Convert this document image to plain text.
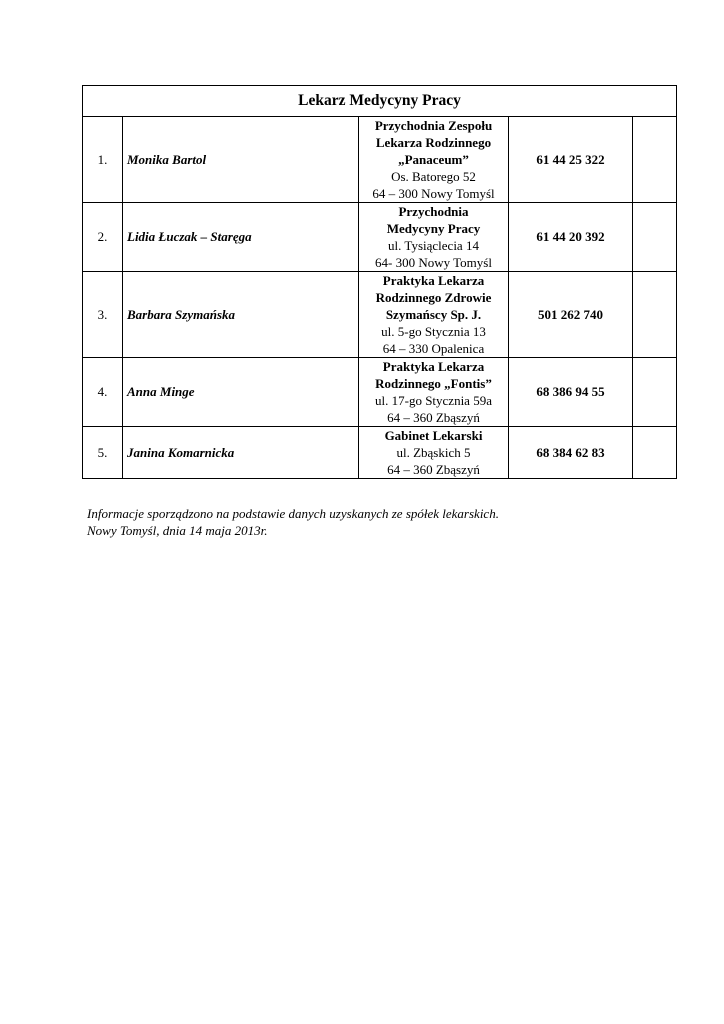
Lekarz Medycyny Pracy				
1.	Monika Bartol	Przychodnia Zespołu
Lekarza Rodzinnego
„Panaceum”
Os. Batorego 52
64 – 300 Nowy Tomyśl	61 44 25 322	
2.	Lidia Łuczak – Staręga	Przychodnia
Medycyny Pracy
ul. Tysiąclecia 14
64- 300 Nowy Tomyśl	61 44 20 392	
3.	Barbara Szymańska	Praktyka Lekarza
Rodzinnego Zdrowie
Szymańscy Sp. J.
ul. 5-go Stycznia 13
64 – 330 Opalenica	501 262 740	
4.	Anna Minge	Praktyka Lekarza
Rodzinnego „Fontis”
ul. 17-go Stycznia 59a
64 – 360 Zbąszyń	68 386 94 55	
5.	Janina Komarnicka	Gabinet Lekarski
ul. Zbąskich 5
64 – 360 Zbąszyń	68 384 62 83	
Informacje sporządzono na podstawie danych uzyskanych ze spółek lekarskich.
Nowy Tomyśl, dnia 14 maja 2013r.
